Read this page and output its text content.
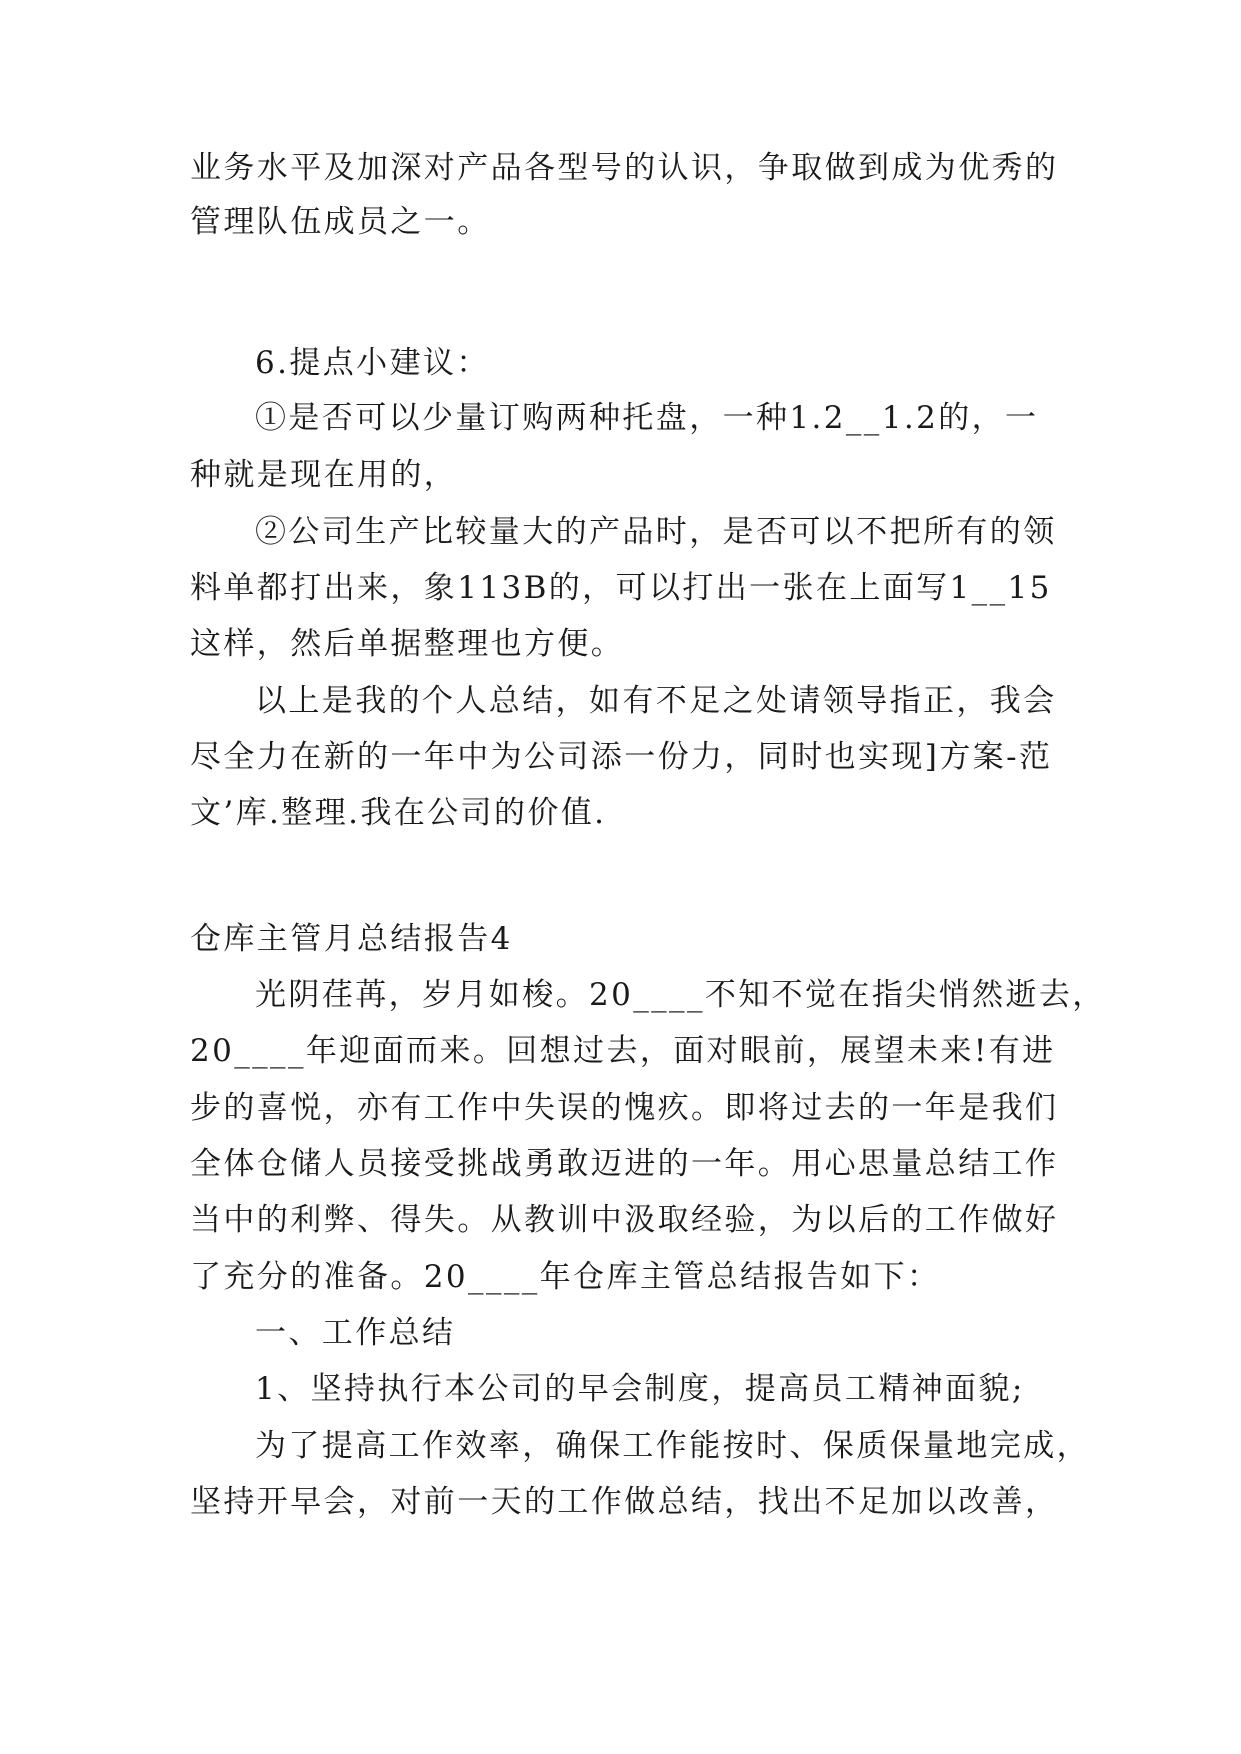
业务水平及加深对产品各型号的认识，争取做到成为优秀的
管理队伍成员之一。
6.提点小建议：
①是否可以少量订购两种托盘，一种1.2__1.2的，一
种就是现在用的，
②公司生产比较量大的产品时，是否可以不把所有的领
料单都打出来，象113B的，可以打出一张在上面写1__15
这样，然后单据整理也方便。
以上是我的个人总结，如有不足之处请领导指正，我会
尽全力在新的一年中为公司添一份力，同时也实现]方案-范
文’库.整理.我在公司的价值.
仓库主管月总结报告4
光阴荏苒，岁月如梭。20____不知不觉在指尖悄然逝去，
20____年迎面而来。回想过去，面对眼前，展望未来!有进
步的喜悦，亦有工作中失误的愧疚。即将过去的一年是我们
全体仓储人员接受挑战勇敢迈进的一年。用心思量总结工作
当中的利弊、得失。从教训中汲取经验，为以后的工作做好
了充分的准备。20____年仓库主管总结报告如下：
一、工作总结
1、坚持执行本公司的早会制度，提高员工精神面貌;
为了提高工作效率，确保工作能按时、保质保量地完成，
坚持开早会，对前一天的工作做总结，找出不足加以改善，
